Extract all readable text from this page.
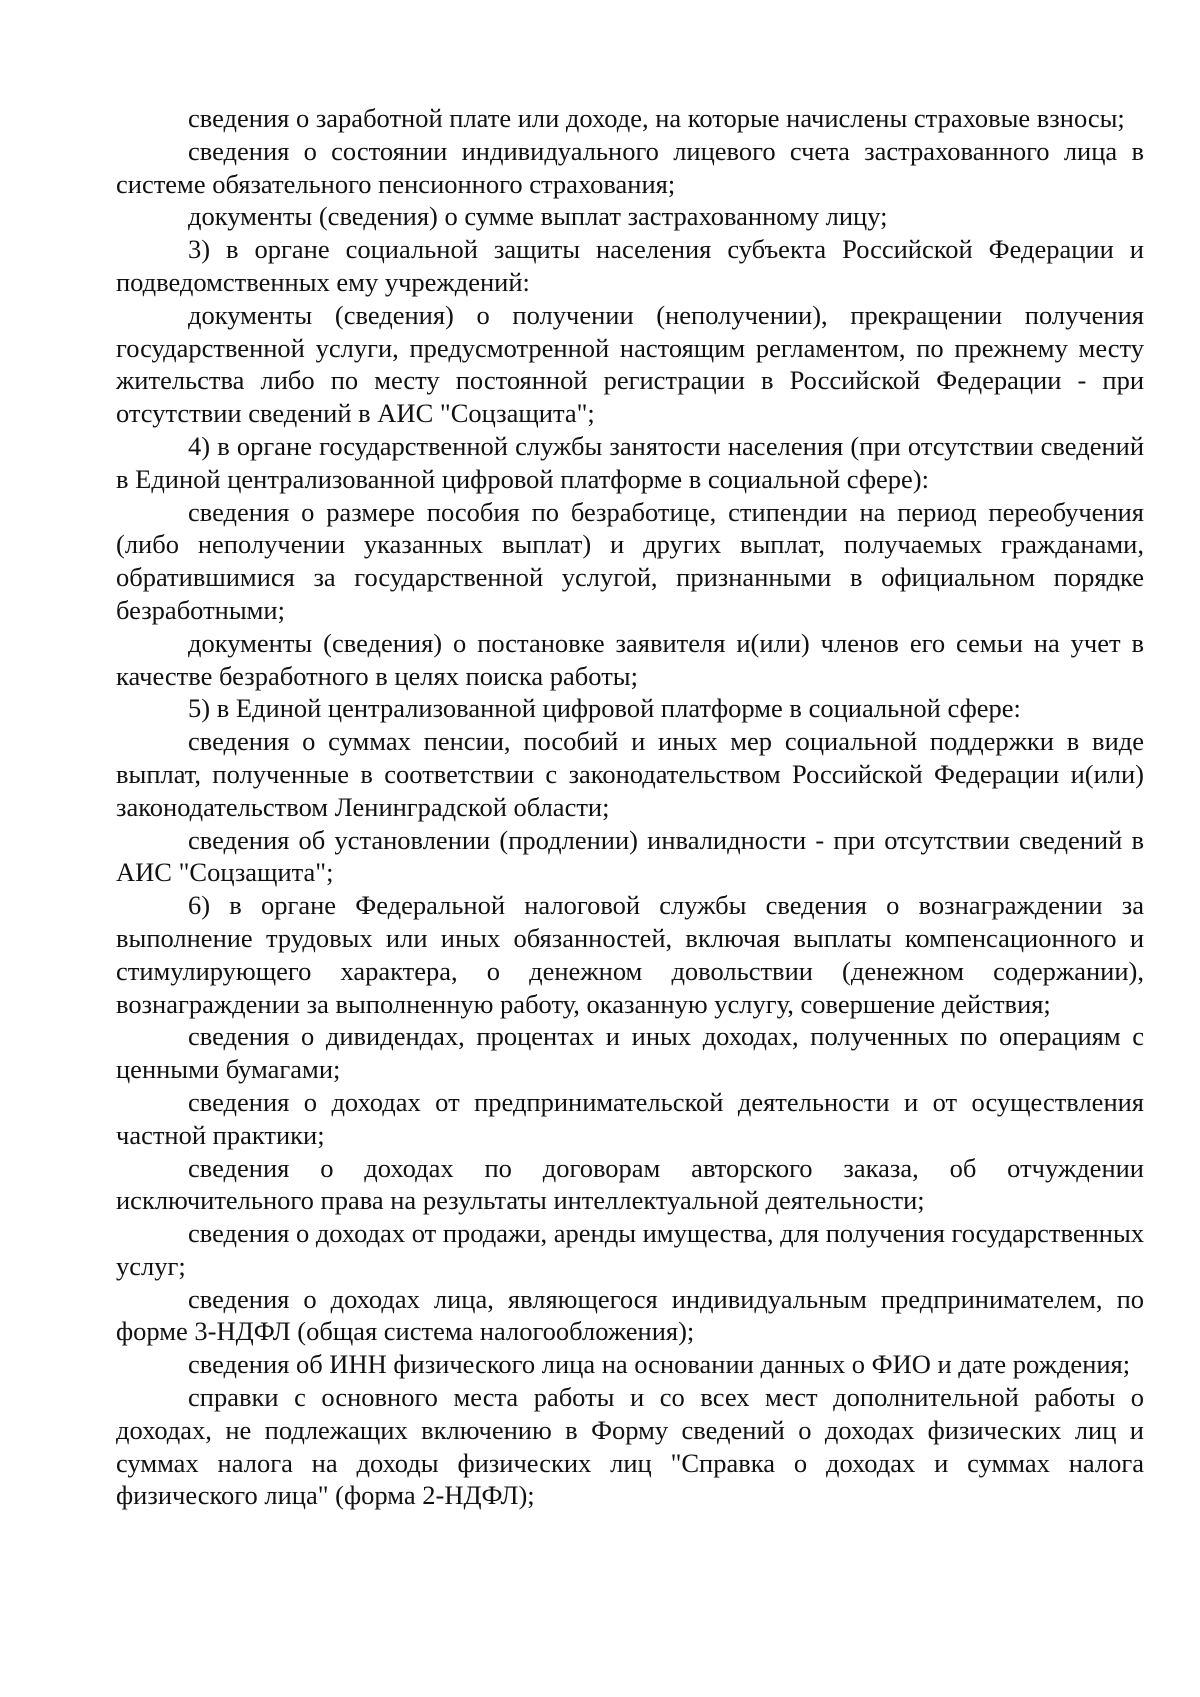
сведения о заработной плате или доходе, на которые начислены страховые взносы;

сведения о состоянии индивидуального лицевого счета застрахованного лица в системе обязательного пенсионного страхования;

документы (сведения) о сумме выплат застрахованному лицу;

3) в органе социальной защиты населения субъекта Российской Федерации и подведомственных ему учреждений:

документы (сведения) о получении (неполучении), прекращении получения государственной услуги, предусмотренной настоящим регламентом, по прежнему месту жительства либо по месту постоянной регистрации в Российской Федерации - при отсутствии сведений в АИС "Соцзащита";

4) в органе государственной службы занятости населения (при отсутствии сведений в Единой централизованной цифровой платформе в социальной сфере):

сведения о размере пособия по безработице, стипендии на период переобучения (либо неполучении указанных выплат) и других выплат, получаемых гражданами, обратившимися за государственной услугой, признанными в официальном порядке безработными;

документы (сведения) о постановке заявителя и(или) членов его семьи на учет в качестве безработного в целях поиска работы;

5) в Единой централизованной цифровой платформе в социальной сфере:

сведения о суммах пенсии, пособий и иных мер социальной поддержки в виде выплат, полученные в соответствии с законодательством Российской Федерации и(или) законодательством Ленинградской области;

сведения об установлении (продлении) инвалидности - при отсутствии сведений в АИС "Соцзащита";

6) в органе Федеральной налоговой службы сведения о вознаграждении за выполнение трудовых или иных обязанностей, включая выплаты компенсационного и стимулирующего характера, о денежном довольствии (денежном содержании), вознаграждении за выполненную работу, оказанную услугу, совершение действия;

сведения о дивидендах, процентах и иных доходах, полученных по операциям с ценными бумагами;

сведения о доходах от предпринимательской деятельности и от осуществления частной практики;

сведения о доходах по договорам авторского заказа, об отчуждении исключительного права на результаты интеллектуальной деятельности;

сведения о доходах от продажи, аренды имущества, для получения государственных услуг;

сведения о доходах лица, являющегося индивидуальным предпринимателем, по форме 3-НДФЛ (общая система налогообложения);

сведения об ИНН физического лица на основании данных о ФИО и дате рождения;

справки с основного места работы и со всех мест дополнительной работы о доходах, не подлежащих включению в Форму сведений о доходах физических лиц и суммах налога на доходы физических лиц "Справка о доходах и суммах налога физического лица" (форма 2-НДФЛ);
